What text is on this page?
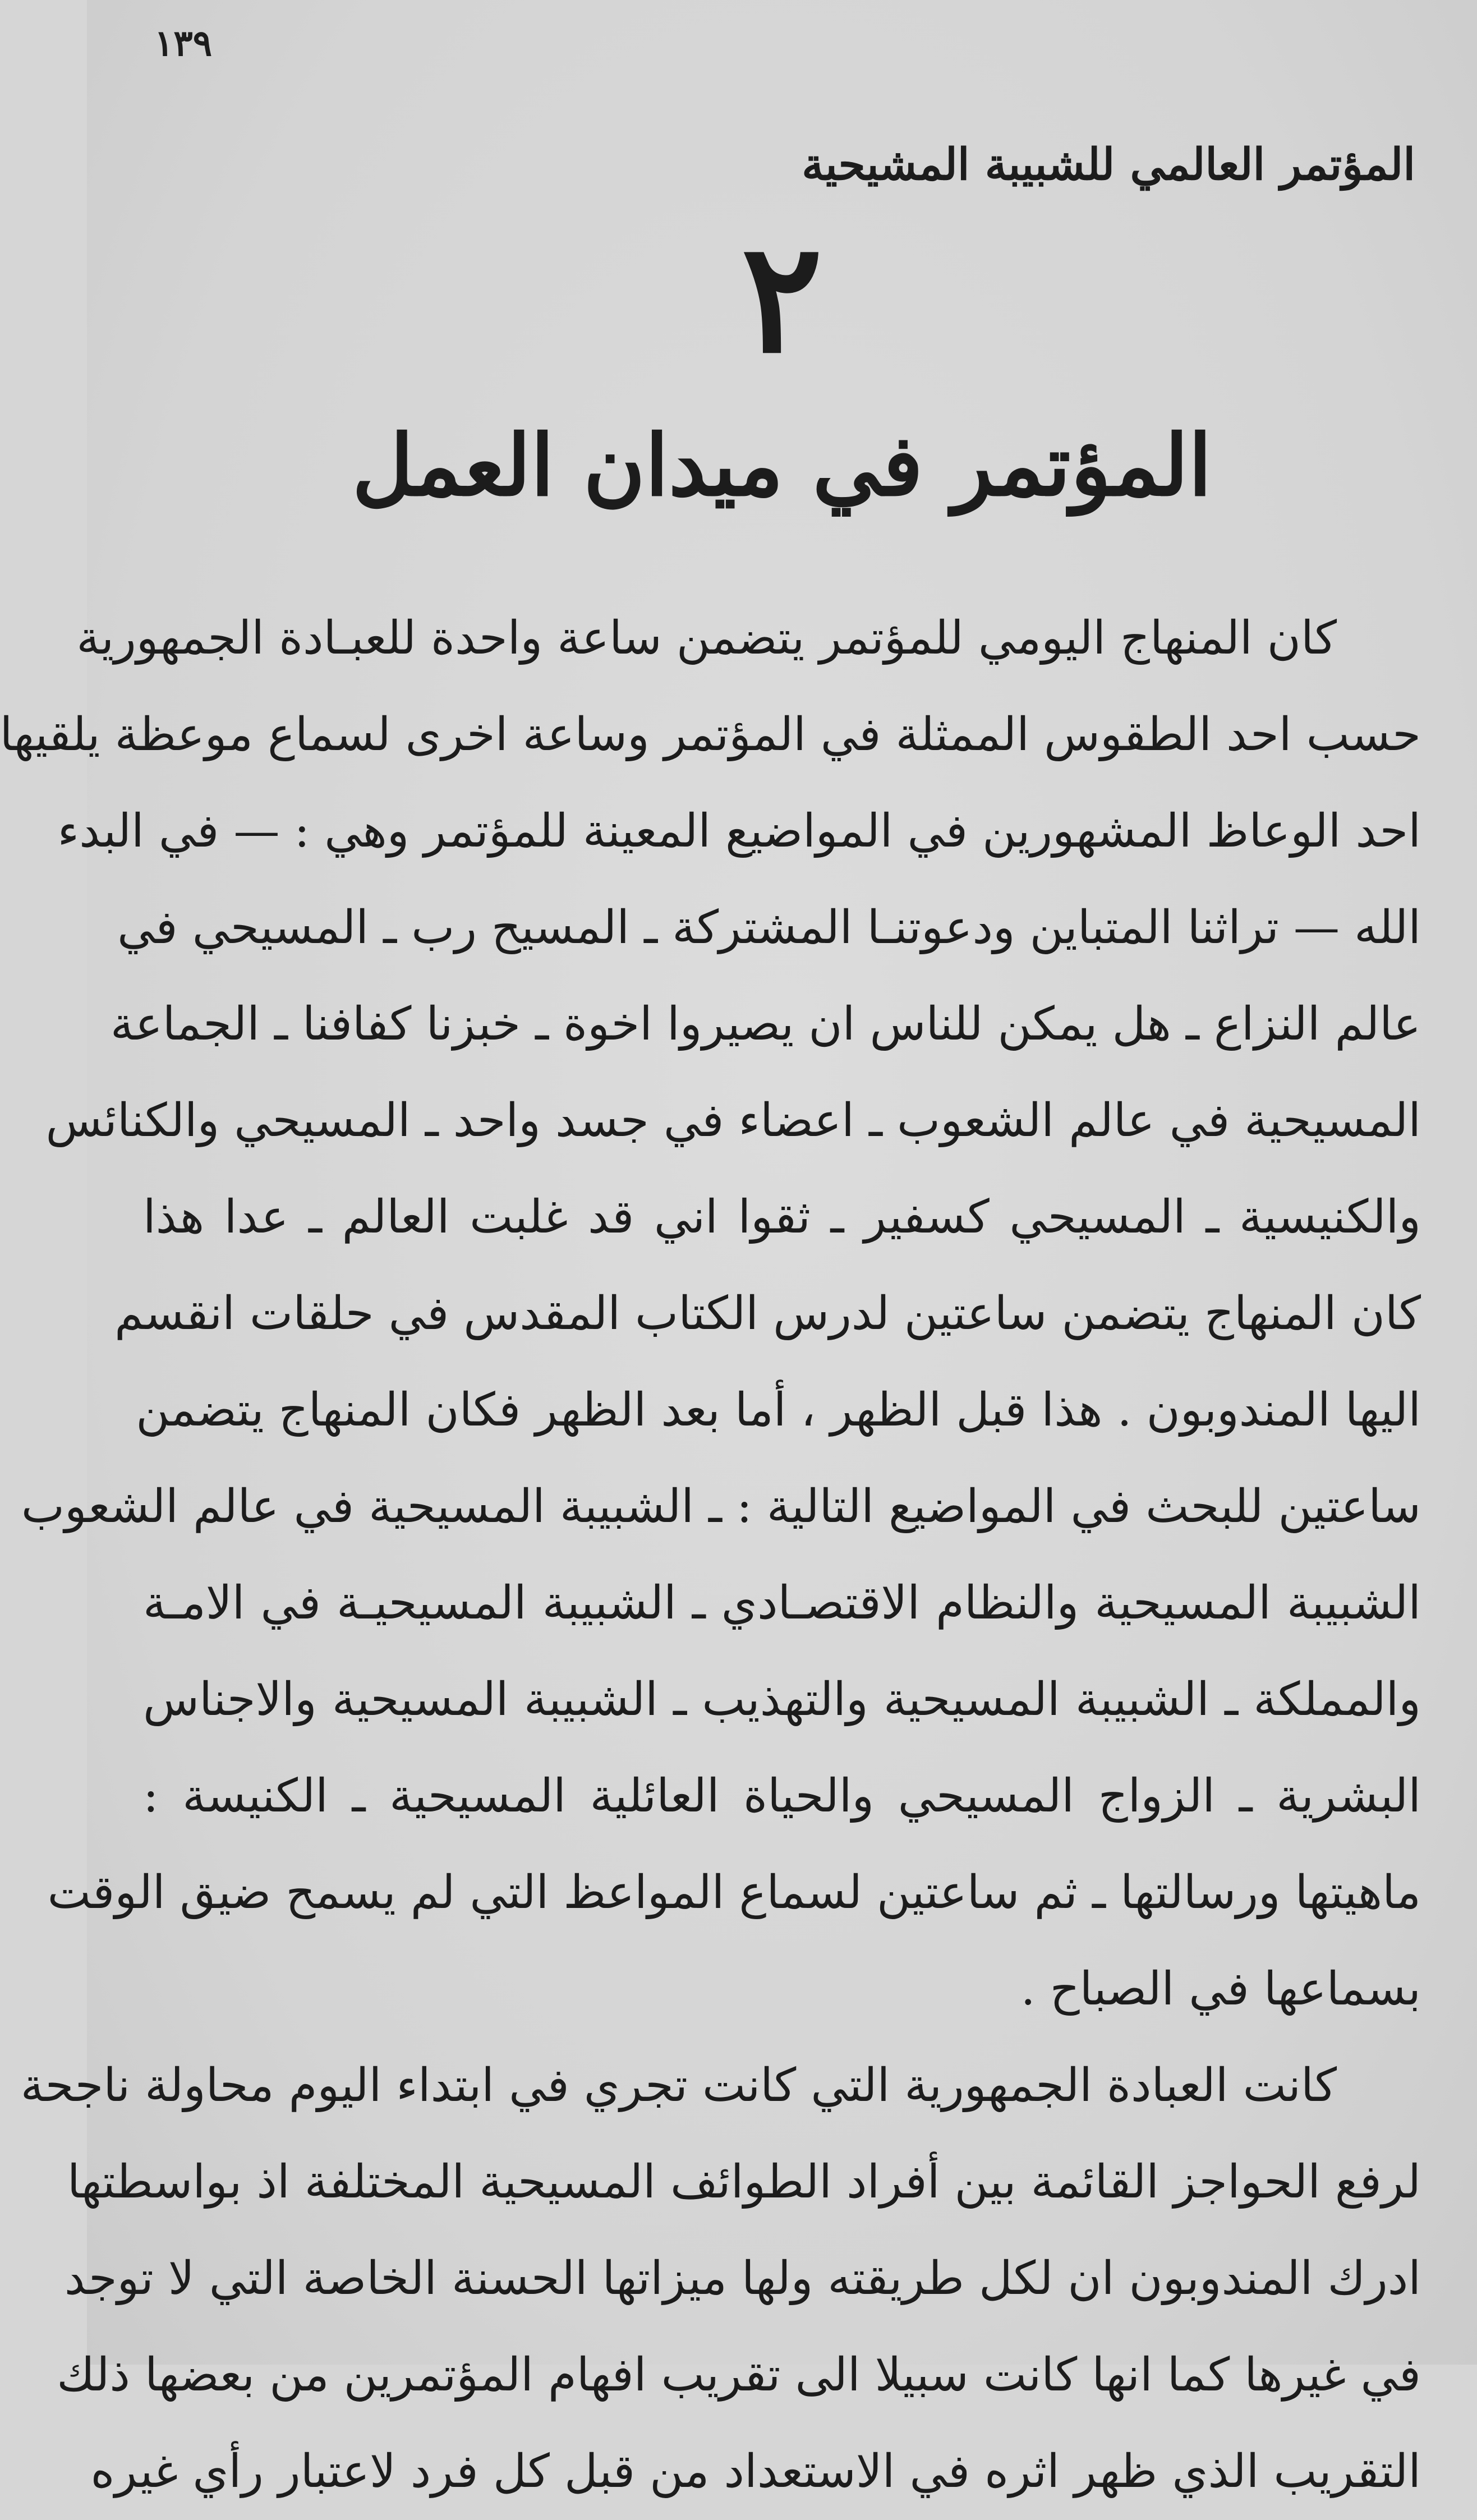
١٣٩
المؤتمر العالمي للشبيبة المشيحية
٢
المؤتمر في ميدان العمل
كان المنهاج اليومي للمؤتمر يتضمن ساعة واحدة للعبـادة الجمهورية
حسب احد الطقوس الممثلة في المؤتمر وساعة اخرى لسماع موعظة يلقيها
احد الوعاظ المشهورين في المواضيع المعينة للمؤتمر وهي : — في البدء
الله — تراثنا المتباين ودعوتنـا المشتركة ـ المسيح رب ـ المسيحي في
عالم النزاع ـ هل يمكن للناس ان يصيروا اخوة ـ خبزنا كفافنا ـ الجماعة
المسيحية في عالم الشعوب ـ اعضاء في جسد واحد ـ المسيحي والكنائس
والكنيسية ـ المسيحي كسفير ـ ثقوا اني قد غلبت العالم ـ عدا هذا
كان المنهاج يتضمن ساعتين لدرس الكتاب المقدس في حلقات انقسم
اليها المندوبون . هذا قبل الظهر ، أما بعد الظهر فكان المنهاج يتضمن
ساعتين للبحث في المواضيع التالية : ـ الشبيبة المسيحية في عالم الشعوب
الشبيبة المسيحية والنظام الاقتصـادي ـ الشبيبة المسيحيـة في الامـة
والمملكة ـ الشبيبة المسيحية والتهذيب ـ الشبيبة المسيحية والاجناس
البشرية ـ الزواج المسيحي والحياة العائلية المسيحية ـ الكنيسة :
ماهيتها ورسالتها ـ ثم ساعتين لسماع المواعظ التي لم يسمح ضيق الوقت
بسماعها في الصباح .
كانت العبادة الجمهورية التي كانت تجري في ابتداء اليوم محاولة ناجحة
لرفع الحواجز القائمة بين أفراد الطوائف المسيحية المختلفة اذ بواسطتها
ادرك المندوبون ان لكل طريقته ولها ميزاتها الحسنة الخاصة التي لا توجد
في غيرها كما انها كانت سبيلا الى تقريب افهام المؤتمرين من بعضها ذلك
التقريب الذي ظهر اثره في الاستعداد من قبل كل فرد لاعتبار رأي غيره
